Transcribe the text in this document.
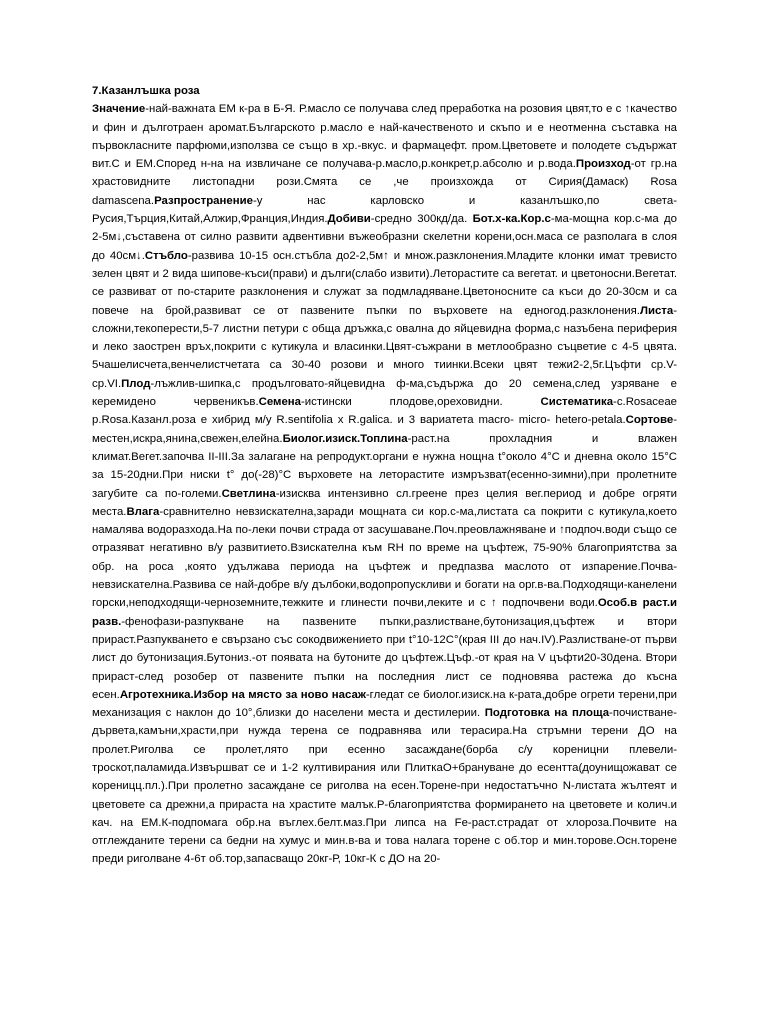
7.Казанлъшка роза

Значение-най-важната ЕМ к-ра в Б-Я. Р.масло се получава след преработка на розовия цвят,то е с ↑качество и фин и дълготраен аромат.Българското р.масло е най-качественото и скъпо и е неотменна съставка на първокласните парфюми,използва се също в хр.-вкус. и фармацефт. пром.Цветовете и полодете съдържат вит.С и ЕМ.Според н-на на извличане се получава-р.масло,р.конкрет,р.абсолю и р.вода.Произход-от гр.на храстовидните листопадни рози.Смята се ,че произхожда от Сирия(Дамаск) Rosa damascena.Разпространение-у нас карловско и казанлъшко,по света-Русия,Търция,Китай,Алжир,Франция,Индия.Добиви-средно 300кд/да. Бот.х-ка.Кор.с-ма-мощна кор.с-ма до 2-5м↓,съставена от силно развити адвентивни въжеобразни скелетни корени,осн.маса се разполага в слоя до 40см↓.Стъбло-развива 10-15 осн.стъбла до2-2,5м↑ и множ.разклонения.Младите клонки имат тревисто зелен цвят и 2 вида шипове-къси(прави) и дълги(слабо извити).Леторастите са вегетат. и цветоносни.Вегетат. се развиват от по-старите разклонения и служат за подмладяване.Цветоносните са къси до 20-30см и са повече на брой,развиват се от пазвените пъпки по върховете на едногод.разклонения.Листа- сложни,текоперести,5-7 листни петури с обща дръжка,с овална до яйцевидна форма,с назъбена периферия и леко заострен връх,покрити с кутикула и власинки.Цвят-съжрани в метлообразно съцветие с 4-5 цвята. 5чашелисчета,венчелистчетата са 30-40 розови и много тиинки.Всеки цвят тежи2-2,5г.Цъфти ср.V-ср.VI.Плод-лъжлив-шипка,с продълговато-яйцевидна ф-ма,съдържа до 20 семена,след узряване е керемидено червеникъв.Семена-истински плодове,ореховидни. Систематика-с.Rosaceae р.Rosa.Казанл.роза е хибрид м/у R.sentifolia x R.galica. и 3 вариатета macro- micro- hetero-petala.Сортове-местен,искра,янина,свежен,елейна.Биолог.изиск.Топлина-раст.на прохладния и влажен климат.Вегет.започва II-III.За залагане на репродукт.органи е нужна нощна t°около 4°С и дневна около 15°С за 15-20дни.При ниски t° до(-28)°С върховете на леторастите измръзват(есенно-зимни),при пролетните загубите са по-големи.Светлина-изисква интензивно сл.греене през целия вег.период и добре огряти места.Влага-сравнително невзискателна,заради мощната си кор.с-ма,листата са покрити с кутикула,което намалява водоразхода.На по-леки почви страда от засушаване.Поч.преовлажняване и ↑подпоч.води също се отразяват негативно в/у развитието.Взискателна към RH по време на цъфтеж, 75-90% благоприятства за обр. на роса ,която удължава периода на цъфтеж и предпазва маслото от изпарение.Почва-невзискателна.Развива се най-добре в/у дълбоки,водопропускливи и богати на орг.в-ва.Подходящи-канелени горски,неподходящи-черноземните,тежките и глинести почви,леките и с ↑ подпочвени води.Особ.в раст.и разв.-фенофази-разпукване на пазвените пъпки,разлистване,бутонизация,цъфтеж и втори прираст.Разпукването е свързано със сокодвижението при t°10-12С°(края III до нач.IV).Разлистване-от първи лист до бутонизация.Бутониз.-от появата на бутоните до цъфтеж.Цъф.-от края на V цъфти20-30дена. Втори прираст-след розобер от пазвените пъпки на последния лист се подновява растежа до късна есен.Агротехника.Избор на място за ново насаж-гледат се биолог.изиск.на к-рата,добре огрети терени,при механизация с наклон до 10°,близки до населени места и дестилерии. Подготовка на площа-почистване-дървета,камъни,храсти,при нужда терена се подравнява или терасира.На стръмни терени ДО на пролет.Риголва се пролет,лято при есенно засаждане(борба с/у кореницни плевели-троскот,паламида.Извършват се и 1-2 култивирания или ПлиткаО+брануване до есентта(доунищожават се кореницц.пл.).При пролетно засаждане се риголва на есен.Торене-при недостатъчно N-листата жълтеят и цветовете са дрежни,а прираста на храстите малък.Р-благоприятства формирането на цветовете и колич.и кач. на ЕМ.К-подпомага обр.на въглех.белт.маз.При липса на Fe-раст.страдат от хлороза.Почвите на отглежданите терени са бедни на хумус и мин.в-ва и това налага торене с об.тор и мин.торове.Осн.торене преди риголване 4-6т об.тор,запасващо 20кг-Р, 10кг-К с ДО на 20-
